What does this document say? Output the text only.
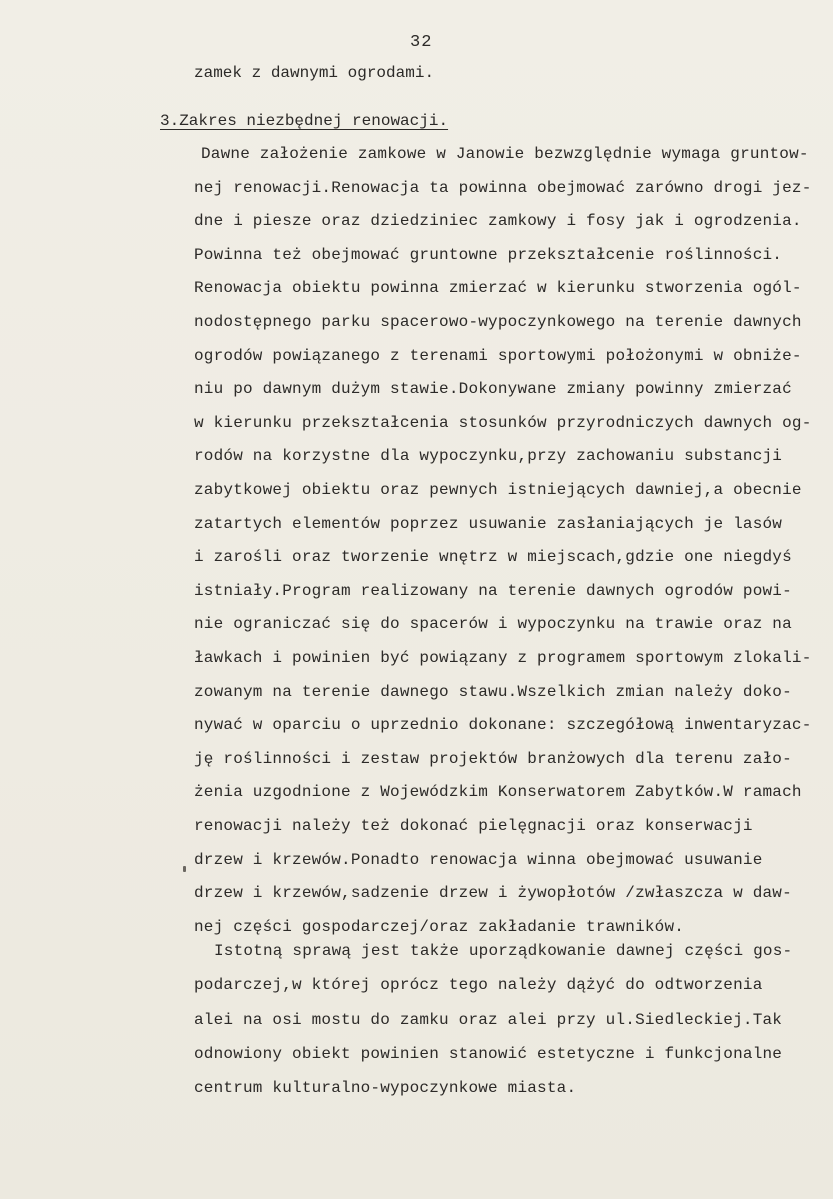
32
zamek z dawnymi ogrodami.
3.Zakres niezbędnej renowacji.
Dawne założenie zamkowe w Janowie bezwzględnie wymaga gruntow-
nej renowacji.Renowacja ta powinna obejmować zarówno drogi jez-
dne i piesze oraz dziedziniec zamkowy i fosy jak i ogrodzenia.
Powinna też obejmować gruntowne przekształcenie roślinności.
Renowacja obiektu powinna zmierzać w kierunku stworzenia ogól-
nodostępnego parku spacerowo-wypoczynkowego na terenie dawnych
ogrodów powiązanego z terenami sportowymi położonymi w obniże-
niu po dawnym dużym stawie.Dokonywane zmiany powinny zmierzać
w kierunku przekształcenia stosunków przyrodniczych dawnych og-
rodów na korzystne dla wypoczynku,przy zachowaniu substancji
zabytkowej obiektu oraz pewnych istniejących dawniej,a obecnie
zatartych elementów poprzez usuwanie zasłaniających je lasów
i zarośli oraz tworzenie wnętrz w miejscach,gdzie one niegdyś
istniały.Program realizowany na terenie dawnych ogrodów powi-
nie ograniczać się do spacerów i wypoczynku na trawie oraz na
ławkach i powinien być powiązany z programem sportowym zlokali-
zowanym na terenie dawnego stawu.Wszelkich zmian należy doko-
nywać w oparciu o uprzednio dokonane: szczegółową inwentaryzac-
ję roślinności i zestaw projektów branżowych dla terenu zało-
żenia uzgodnione z Wojewódzkim Konserwatorem Zabytków.W ramach
renowacji należy też dokonać pielęgnacji oraz konserwacji
drzew i krzewów.Ponadto renowacja winna obejmować usuwanie
drzew i krzewów,sadzenie drzew i żywopłotów /zwłaszcza w daw-
nej części gospodarczej/oraz zakładanie trawników.
Istotną sprawą jest także uporządkowanie dawnej części gos-
podarczej,w której oprócz tego należy dążyć do odtworzenia
alei na osi mostu do zamku oraz alei przy ul.Siedleckiej.Tak
odnowiony obiekt powinien stanowić estetyczne i funkcjonalne
centrum kulturalno-wypoczynkowe miasta.
